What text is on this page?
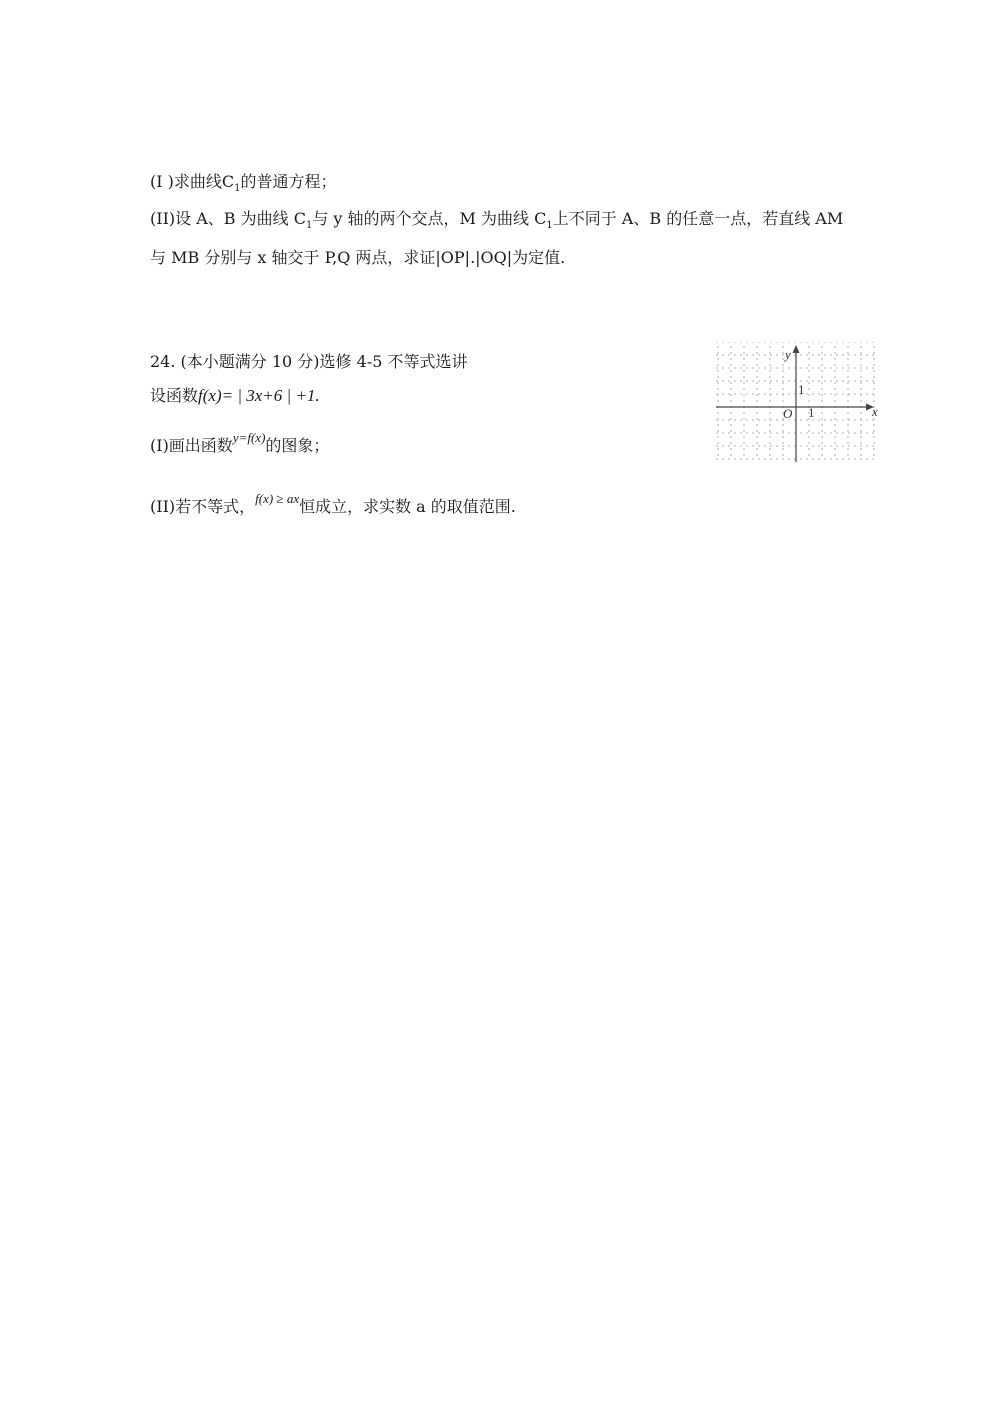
(I )求曲线$C_1$的普通方程；
(II)设 A、B 为曲线 $C_1$与 y 轴的两个交点，M 为曲线 $C_1$上不同于 A、B 的任意一点，若直线 AM
与 MB 分别与 x 轴交于 P,Q 两点，求证|OP|.|OQ|为定值.
24. (本小题满分 10 分)选修 4-5 不等式选讲
设函数f(x)= | 3x+6 | +1.
(I)画出函数$^{y=f(x)}$的图象；
(II)若不等式，$^{f(x) \ge ax}$恒成立，求实数 a 的取值范围.
x
y
O 1
1
